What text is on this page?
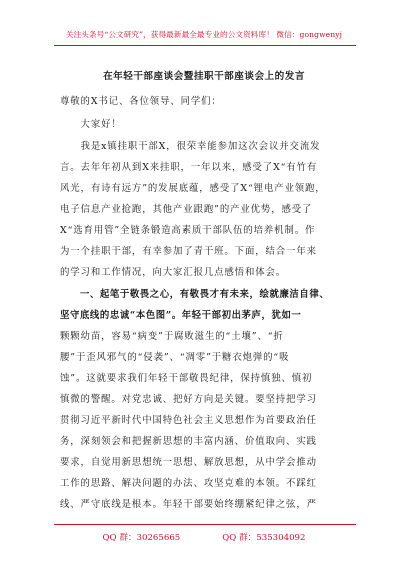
关注头条号“公文研究”，获得最新最全最专业的公文资料库！ 微信：gongwenyj
在年轻干部座谈会暨挂职干部座谈会上的发言
尊敬的X书记、各位领导、同学们：
　　大家好！
　　我是x镇挂职干部X，很荣幸能参加这次会议并交流发
言。去年年初从到X来挂职，一年以来，感受了X“有竹有
风光，有诗有远方”的发展底蕴，感受了X“锂电产业领跑，
电子信息产业抢跑，其他产业跟跑”的产业优势，感受了
X“选育用管”全链条锻造高素质干部队伍的培养机制。作
为一个挂职干部，有幸参加了青干班。下面，结合一年来
的学习和工作情况，向大家汇报几点感悟和体会。
　　一、起笔于敬畏之心，有敬畏才有未来，绘就廉洁自律、
坚守底线的忠诚“本色图”。年轻干部初出茅庐，犹如一
颗颗幼苗，容易“病变”于腐败滋生的“土壤”、“折
腰”于歪风邪气的“侵袭”、“凋零”于糖衣炮弹的“吸
蚀”。这就要求我们年轻干部敬畏纪律，保持慎独、慎初
慎微的警醒。对党忠诚、把好方向是关键。要坚持把学习
贯彻习近平新时代中国特色社会主义思想作为首要政治任
务，深刻领会和把握新思想的丰富内涵、价值取向、实践
要求，自觉用新思想统一思想、解放思想，从中学会推动
工作的思路、解决问题的办法、攻坚克难的本领。不踩红
线、严守底线是根本。年轻干部要始终绷紧纪律之弦，严
QQ 群：30265665	QQ 群：535304092
